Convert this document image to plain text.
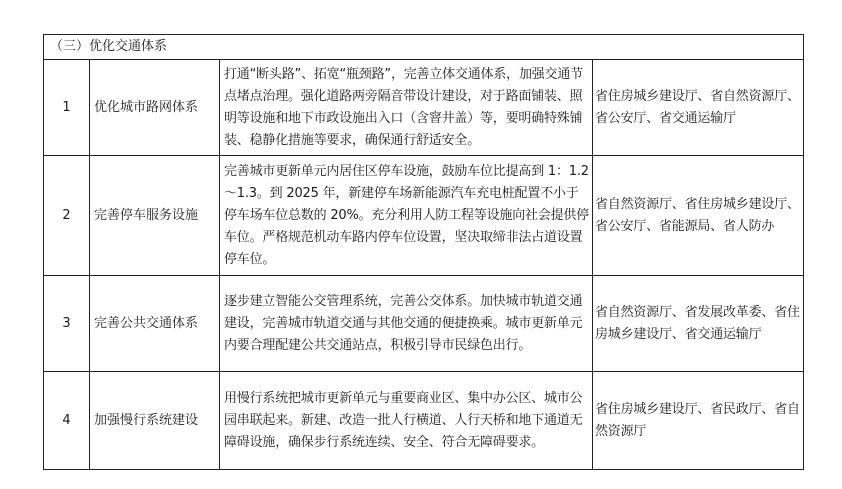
（三）优化交通体系			
1	优化城市路网体系	打通“断头路”、拓宽“瓶颈路”，完善立体交通体系，加强交通节点堵点治理。强化道路两旁隔音带设计建设，对于路面铺装、照明等设施和地下市政设施出入口（含窨井盖）等，要明确特殊铺装、稳静化措施等要求，确保通行舒适安全。	省住房城乡建设厅、省自然资源厅、省公安厅、省交通运输厅
2	完善停车服务设施	完善城市更新单元内居住区停车设施，鼓励车位比提高到 1：1.2～1.3。到 2025 年，新建停车场新能源汽车充电桩配置不小于停车场车位总数的 20%。充分利用人防工程等设施向社会提供停车位。严格规范机动车路内停车位设置，坚决取缔非法占道设置停车位。	省自然资源厅、省住房城乡建设厅、省公安厅、省能源局、省人防办
3	完善公共交通体系	逐步建立智能公交管理系统，完善公交体系。加快城市轨道交通建设，完善城市轨道交通与其他交通的便捷换乘。城市更新单元内要合理配建公共交通站点，积极引导市民绿色出行。	省自然资源厅、省发展改革委、省住房城乡建设厅、省交通运输厅
4	加强慢行系统建设	用慢行系统把城市更新单元与重要商业区、集中办公区、城市公园串联起来。新建、改造一批人行横道、人行天桥和地下通道无障碍设施，确保步行系统连续、安全、符合无障碍要求。	省住房城乡建设厅、省民政厅、省自然资源厅
